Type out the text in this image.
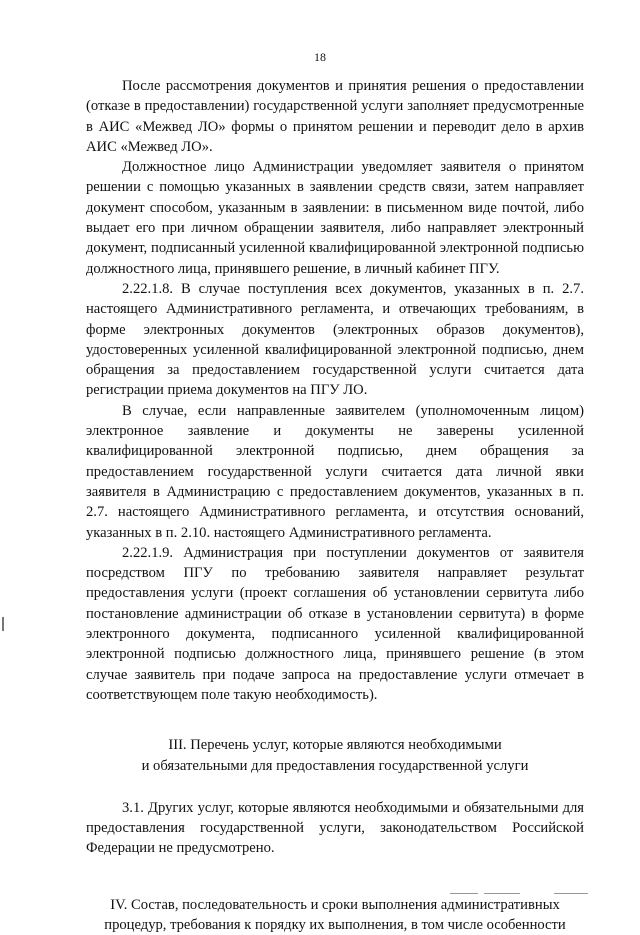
18

После рассмотрения документов и принятия решения о предоставлении (отказе в предоставлении) государственной услуги заполняет предусмотренные в АИС «Межвед ЛО» формы о принятом решении и переводит дело в архив АИС «Межвед ЛО».

Должностное лицо Администрации уведомляет заявителя о принятом решении с помощью указанных в заявлении средств связи, затем направляет документ способом, указанным в заявлении: в письменном виде почтой, либо выдает его при личном обращении заявителя, либо направляет электронный документ, подписанный усиленной квалифицированной электронной подписью должностного лица, принявшего решение, в личный кабинет ПГУ.

2.22.1.8. В случае поступления всех документов, указанных в п. 2.7. настоящего Административного регламента, и отвечающих требованиям, в форме электронных документов (электронных образов документов), удостоверенных усиленной квалифицированной электронной подписью, днем обращения за предоставлением государственной услуги считается дата регистрации приема документов на ПГУ ЛО.

В случае, если направленные заявителем (уполномоченным лицом) электронное заявление и документы не заверены усиленной квалифицированной электронной подписью, днем обращения за предоставлением государственной услуги считается дата личной явки заявителя в Администрацию с предоставлением документов, указанных в п. 2.7. настоящего Административного регламента, и отсутствия оснований, указанных в п. 2.10. настоящего Административного регламента.

2.22.1.9. Администрация при поступлении документов от заявителя посредством ПГУ по требованию заявителя направляет результат предоставления услуги (проект соглашения об установлении сервитута либо постановление администрации об отказе в установлении сервитута) в форме электронного документа, подписанного усиленной квалифицированной электронной подписью должностного лица, принявшего решение (в этом случае заявитель при подаче запроса на предоставление услуги отмечает в соответствующем поле такую необходимость).

III. Перечень услуг, которые являются необходимыми

и обязательными для предоставления государственной услуги

3.1. Других услуг, которые являются необходимыми и обязательными для предоставления государственной услуги, законодательством Российской Федерации не предусмотрено.

IV. Состав, последовательность и сроки выполнения административных

процедур, требования к порядку их выполнения, в том числе особенности
